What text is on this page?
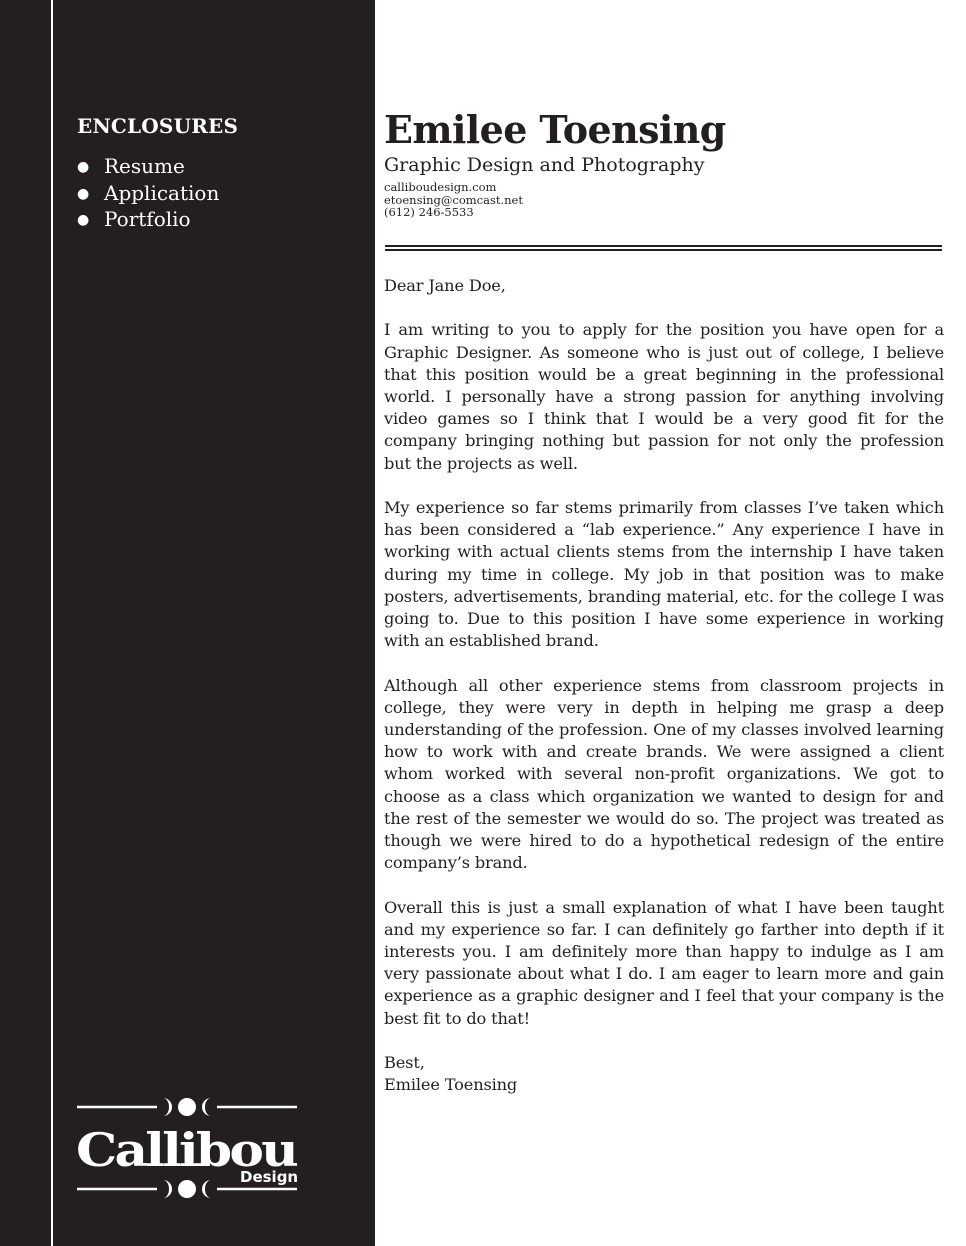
ENCLOSURES
● Resume
● Application
● Portfolio
Callibou
Design
Emilee Toensing
Graphic Design and Photography
calliboudesign.com
etoensing@comcast.net
(612) 246-5533

Dear Jane Doe,

I am writing to you to apply for the position you have open for a Graphic Designer. As someone who is just out of college, I believe that this position would be a great beginning in the professional world. I personally have a strong passion for anything involving video games so I think that I would be a very good fit for the company bringing nothing but passion for not only the profession but the projects as well.

My experience so far stems primarily from classes I’ve taken which has been considered a “lab experience.” Any experience I have in working with actual clients stems from the internship I have taken during my time in college. My job in that position was to make posters, advertisements, branding material, etc. for the college I was going to. Due to this position I have some experience in working with an established brand.

Although all other experience stems from classroom projects in college, they were very in depth in helping me grasp a deep understanding of the profession. One of my classes involved learning how to work with and create brands. We were assigned a client whom worked with several non-profit organizations. We got to choose as a class which organization we wanted to design for and the rest of the semester we would do so. The project was treated as though we were hired to do a hypothetical redesign of the entire company’s brand.

Overall this is just a small explanation of what I have been taught and my experience so far. I can definitely go farther into depth if it interests you. I am definitely more than happy to indulge as I am very passionate about what I do. I am eager to learn more and gain experience as a graphic designer and I feel that your company is the best fit to do that!

Best,

Emilee Toensing
